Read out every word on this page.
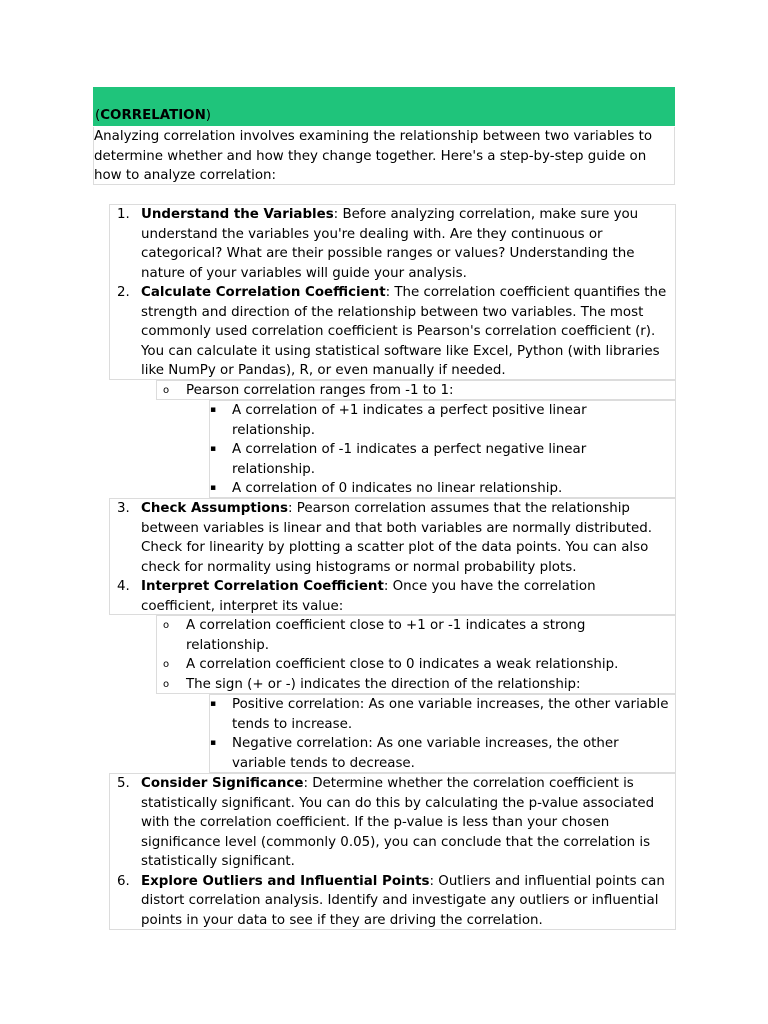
(CORRELATION)
Analyzing correlation involves examining the relationship between two variables to determine whether and how they change together. Here's a step-by-step guide on how to analyze correlation:
1. Understand the Variables: Before analyzing correlation, make sure you understand the variables you're dealing with. Are they continuous or categorical? What are their possible ranges or values? Understanding the nature of your variables will guide your analysis.
2. Calculate Correlation Coefficient: The correlation coefficient quantifies the strength and direction of the relationship between two variables. The most commonly used correlation coefficient is Pearson's correlation coefficient (r). You can calculate it using statistical software like Excel, Python (with libraries like NumPy or Pandas), R, or even manually if needed.
o Pearson correlation ranges from -1 to 1:
▪ A correlation of +1 indicates a perfect positive linear relationship.
▪ A correlation of -1 indicates a perfect negative linear relationship.
▪ A correlation of 0 indicates no linear relationship.
3. Check Assumptions: Pearson correlation assumes that the relationship between variables is linear and that both variables are normally distributed. Check for linearity by plotting a scatter plot of the data points. You can also check for normality using histograms or normal probability plots.
4. Interpret Correlation Coefficient: Once you have the correlation coefficient, interpret its value:
o A correlation coefficient close to +1 or -1 indicates a strong relationship.
o A correlation coefficient close to 0 indicates a weak relationship.
o The sign (+ or -) indicates the direction of the relationship:
▪ Positive correlation: As one variable increases, the other variable tends to increase.
▪ Negative correlation: As one variable increases, the other variable tends to decrease.
5. Consider Significance: Determine whether the correlation coefficient is statistically significant. You can do this by calculating the p-value associated with the correlation coefficient. If the p-value is less than your chosen significance level (commonly 0.05), you can conclude that the correlation is statistically significant.
6. Explore Outliers and Influential Points: Outliers and influential points can distort correlation analysis. Identify and investigate any outliers or influential points in your data to see if they are driving the correlation.
